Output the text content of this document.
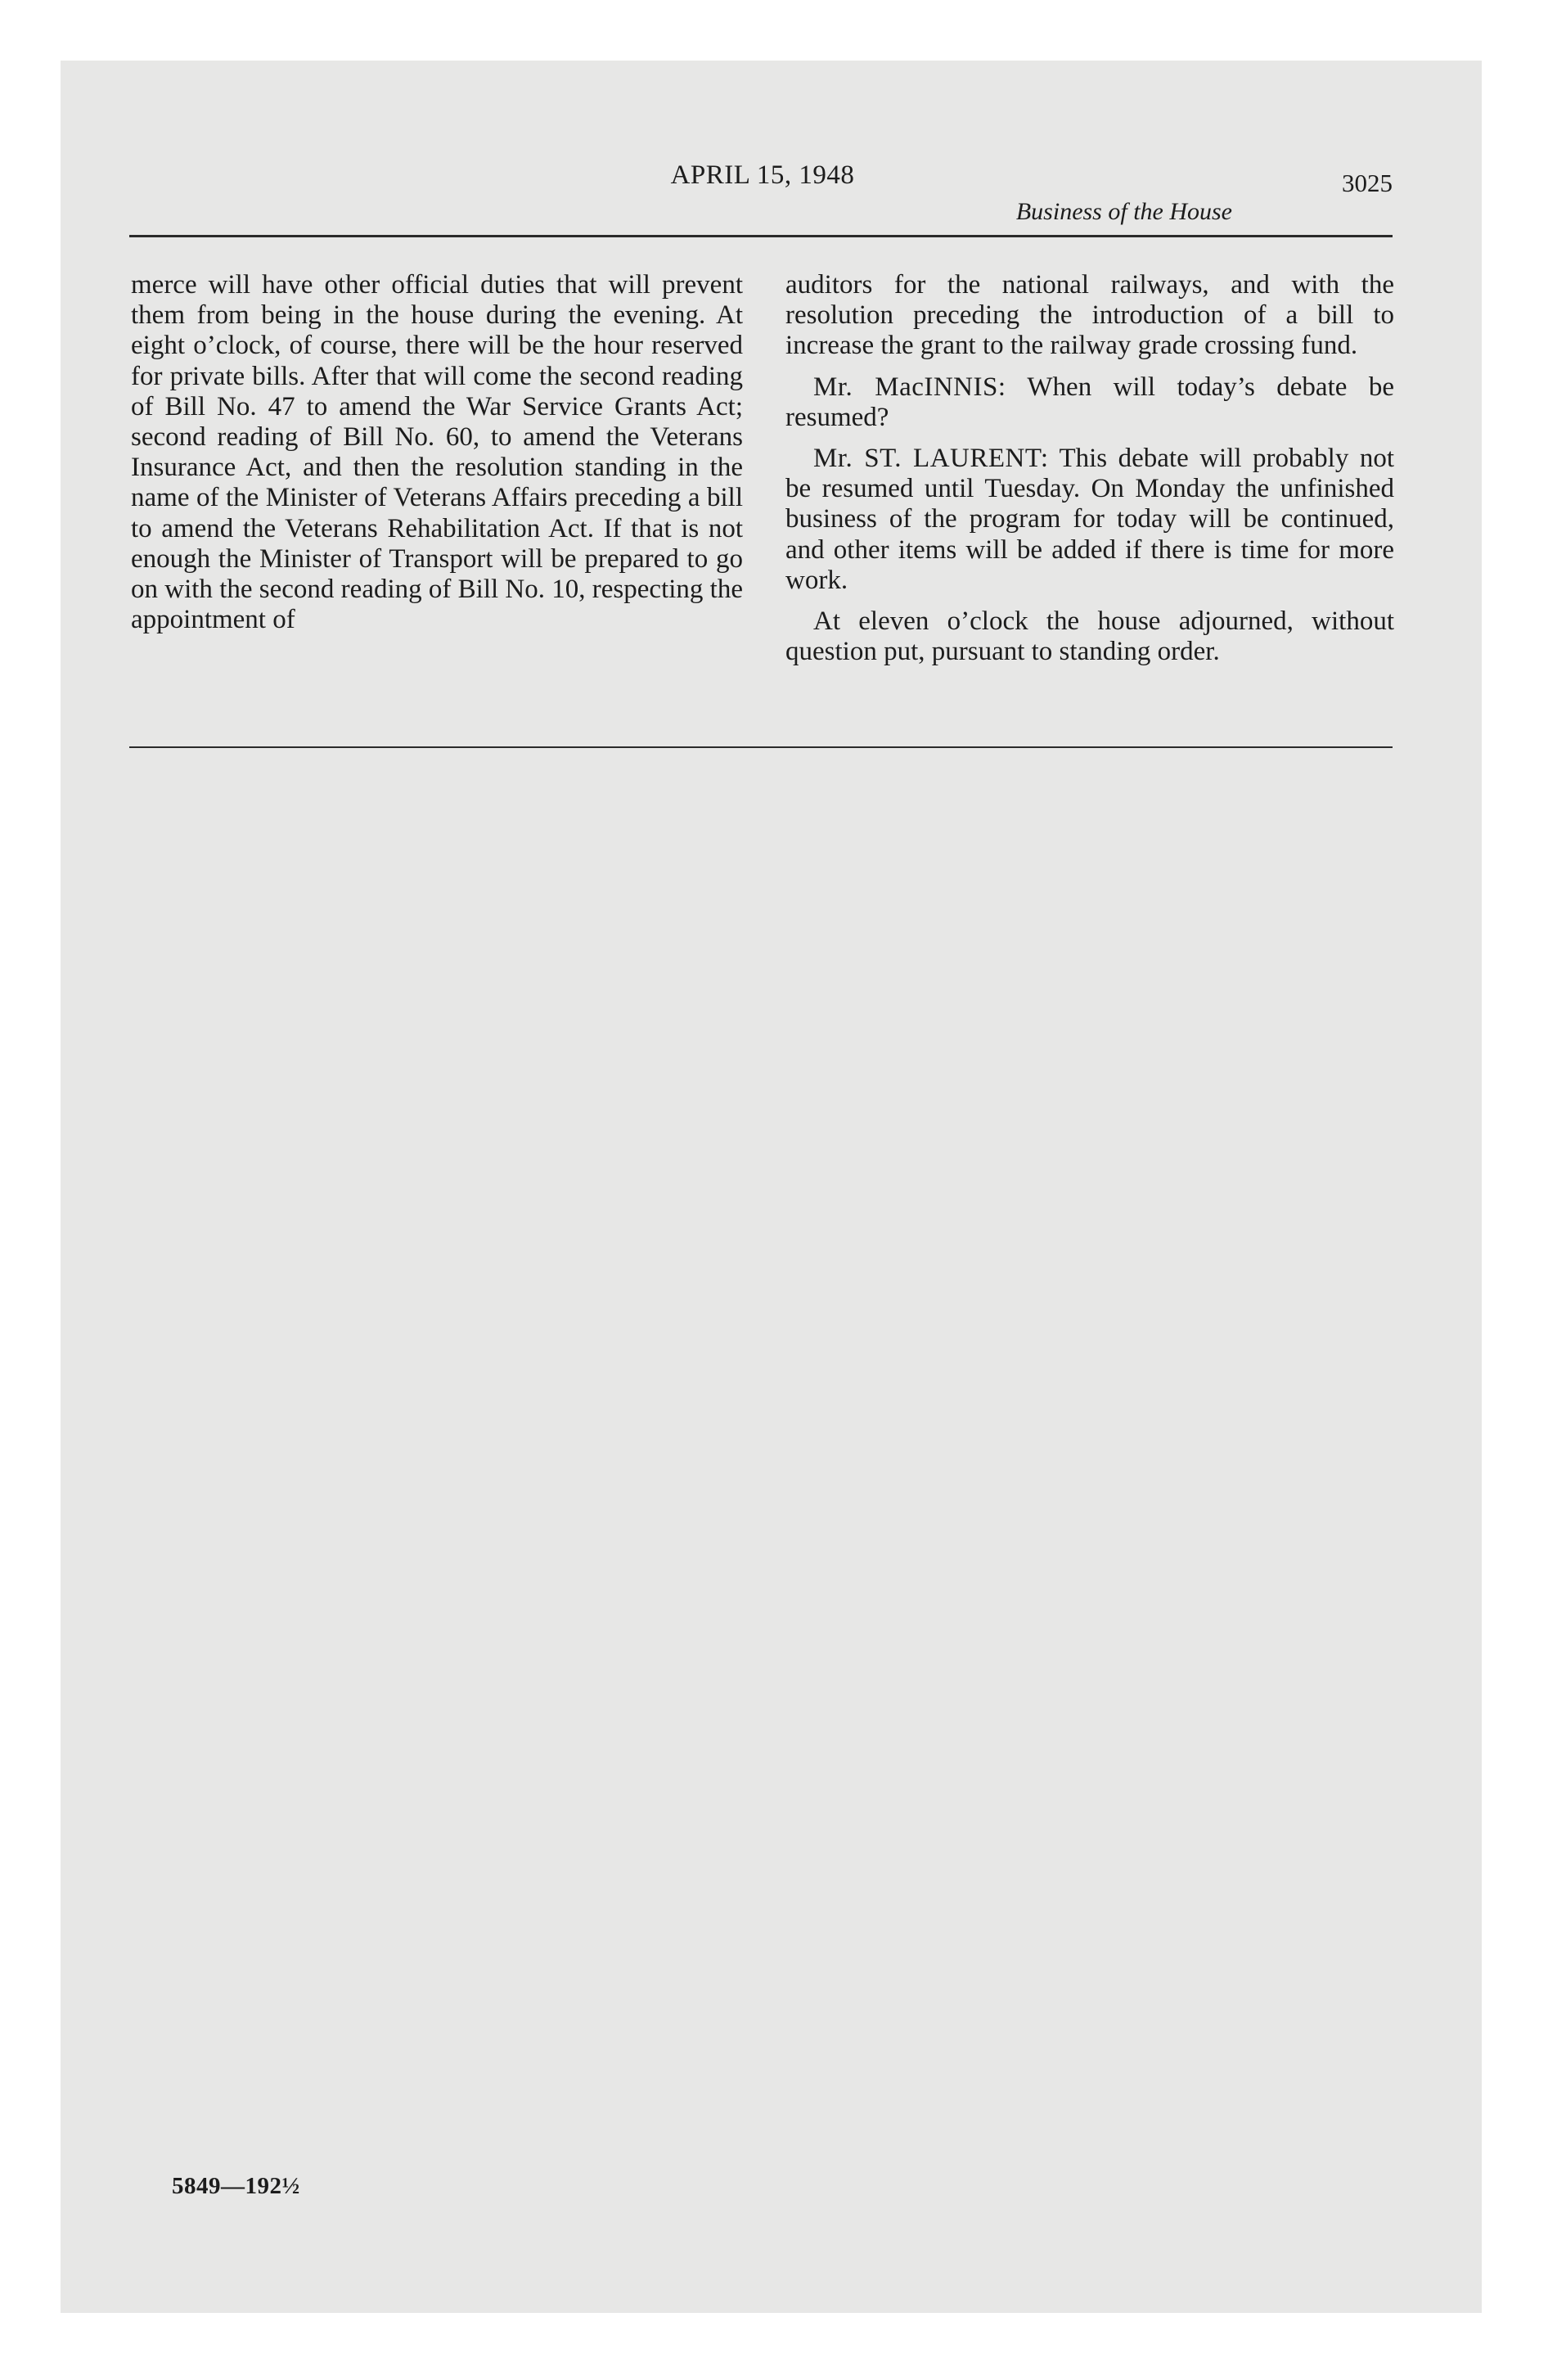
APRIL 15, 1948
Business of the House
3025

merce will have other official duties that will prevent them from being in the house during the evening. At eight o’clock, of course, there will be the hour reserved for private bills. After that will come the second reading of Bill No. 47 to amend the War Service Grants Act; second reading of Bill No. 60, to amend the Veterans Insurance Act, and then the resolution standing in the name of the Minister of Veterans Affairs preceding a bill to amend the Veterans Rehabilitation Act. If that is not enough the Minister of Transport will be prepared to go on with the second reading of Bill No. 10, respecting the appointment of

auditors for the national railways, and with the resolution preceding the introduction of a bill to increase the grant to the railway grade crossing fund.

Mr. MacINNIS: When will today’s debate be resumed?

Mr. ST. LAURENT: This debate will probably not be resumed until Tuesday. On Monday the unfinished business of the program for today will be continued, and other items will be added if there is time for more work.

At eleven o’clock the house adjourned, without question put, pursuant to standing order.

5849—192½
